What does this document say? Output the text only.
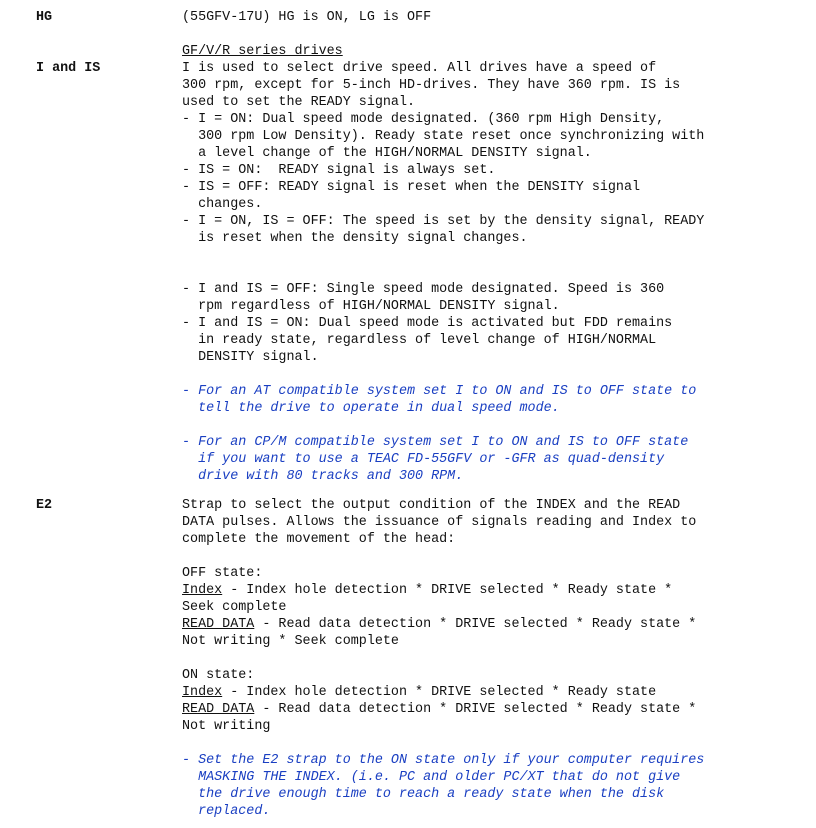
HG	(55GFV-17U) HG is ON, LG is OFF
I and IS
GF/V/R series drives
I is used to select drive speed. All drives have a speed of
300 rpm, except for 5-inch HD-drives. They have 360 rpm. IS is
used to set the READY signal.
- I = ON: Dual speed mode designated. (360 rpm High Density,
300 rpm Low Density). Ready state reset once synchronizing with
a level change of the HIGH/NORMAL DENSITY signal.
- IS = ON:  READY signal is always set.
- IS = OFF: READY signal is reset when the DENSITY signal
changes.
- I = ON, IS = OFF: The speed is set by the density signal, READY
is reset when the density signal changes.
- I and IS = OFF: Single speed mode designated. Speed is 360
rpm regardless of HIGH/NORMAL DENSITY signal.
- I and IS = ON: Dual speed mode is activated but FDD remains
in ready state, regardless of level change of HIGH/NORMAL
DENSITY signal.
- For an AT compatible system set I to ON and IS to OFF state to
tell the drive to operate in dual speed mode.
- For an CP/M compatible system set I to ON and IS to OFF state
if you want to use a TEAC FD-55GFV or -GFR as quad-density
drive with 80 tracks and 300 RPM.
E2	Strap to select the output condition of the INDEX and the READ
DATA pulses. Allows the issuance of signals reading and Index to
complete the movement of the head:
OFF state:
Index - Index hole detection * DRIVE selected * Ready state *
Seek complete
READ DATA - Read data detection * DRIVE selected * Ready state *
Not writing * Seek complete
ON state:
Index - Index hole detection * DRIVE selected * Ready state
READ DATA - Read data detection * DRIVE selected * Ready state *
Not writing
- Set the E2 strap to the ON state only if your computer requires
MASKING THE INDEX. (i.e. PC and older PC/XT that do not give
the drive enough time to reach a ready state when the disk
replaced.
